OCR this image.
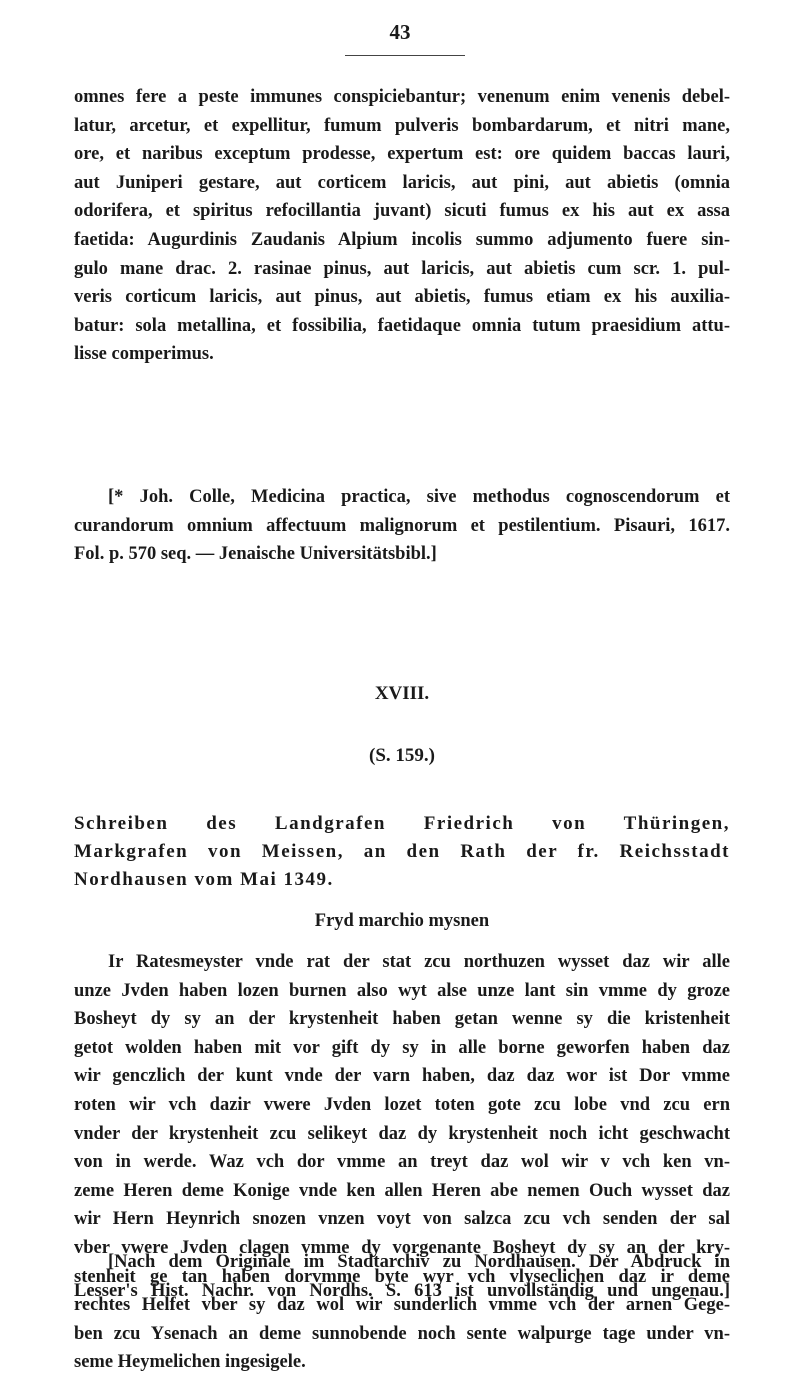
43
omnes fere a peste immunes conspiciebantur; venenum enim venenis debel-
latur, arcetur, et expellitur, fumum pulveris bombardarum, et nitri mane,
ore, et naribus exceptum prodesse, expertum est: ore quidem baccas lauri,
aut Juniperi gestare, aut corticem laricis, aut pini, aut abietis (omnia
odorifera, et spiritus refocillantia juvant) sicuti fumus ex his aut ex assa
faetida: Augurdinis Zaudanis Alpium incolis summo adjumento fuere sin-
gulo mane drac. 2. rasinae pinus, aut laricis, aut abietis cum scr. 1. pul-
veris corticum laricis, aut pinus, aut abietis, fumus etiam ex his auxilia-
batur: sola metallina, et fossibilia, faetidaque omnia tutum praesidium attu-
lisse comperimus.
[* Joh. Colle, Medicina practica, sive methodus cognoscendorum et
curandorum omnium affectuum malignorum et pestilentium. Pisauri, 1617.
Fol. p. 570 seq. — Jenaische Universitätsbibl.]
XVIII.
(S. 159.)
Schreiben des Landgrafen Friedrich von Thüringen,
Markgrafen von Meissen, an den Rath der fr. Reichsstadt
Nordhausen vom Mai 1349.
Fryd marchio mysnen
Ir Ratesmeyster vnde rat der stat zcu northuzen wysset daz wir alle
unze Jvden haben lozen burnen also wyt alse unze lant sin vmme dy groze
Bosheyt dy sy an der krystenheit haben getan wenne sy die kristenheit
getot wolden haben mit vor gift dy sy in alle borne geworfen haben daz
wir genczlich der kunt vnde der varn haben, daz daz wor ist Dor vmme
roten wir vch dazir vwere Jvden lozet toten gote zcu lobe vnd zcu ern
vnder der krystenheit zcu selikeyt daz dy krystenheit noch icht geschwacht
von in werde. Waz vch dor vmme an treyt daz wol wir v vch ken vn-
zeme Heren deme Konige vnde ken allen Heren abe nemen Ouch wysset daz
wir Hern Heynrich snozen vnzen voyt von salzca zcu vch senden der sal
vber vwere Jvden clagen vmme dy vorgenante Bosheyt dy sy an der kry-
stenheit ge tan haben dorvmme byte wyr vch vlyseclichen daz ir deme
rechtes Helfet vber sy daz wol wir sunderlich vmme vch der arnen Gege-
ben zcu Ysenach an deme sunnobende noch sente walpurge tage under vn-
seme Heymelichen ingesigele.
[Nach dem Originale im Stadtarchiv zu Nordhausen. Der Abdruck in
Lesser's Hist. Nachr. von Nordhs. S. 613 ist unvollständig und ungenau.]
